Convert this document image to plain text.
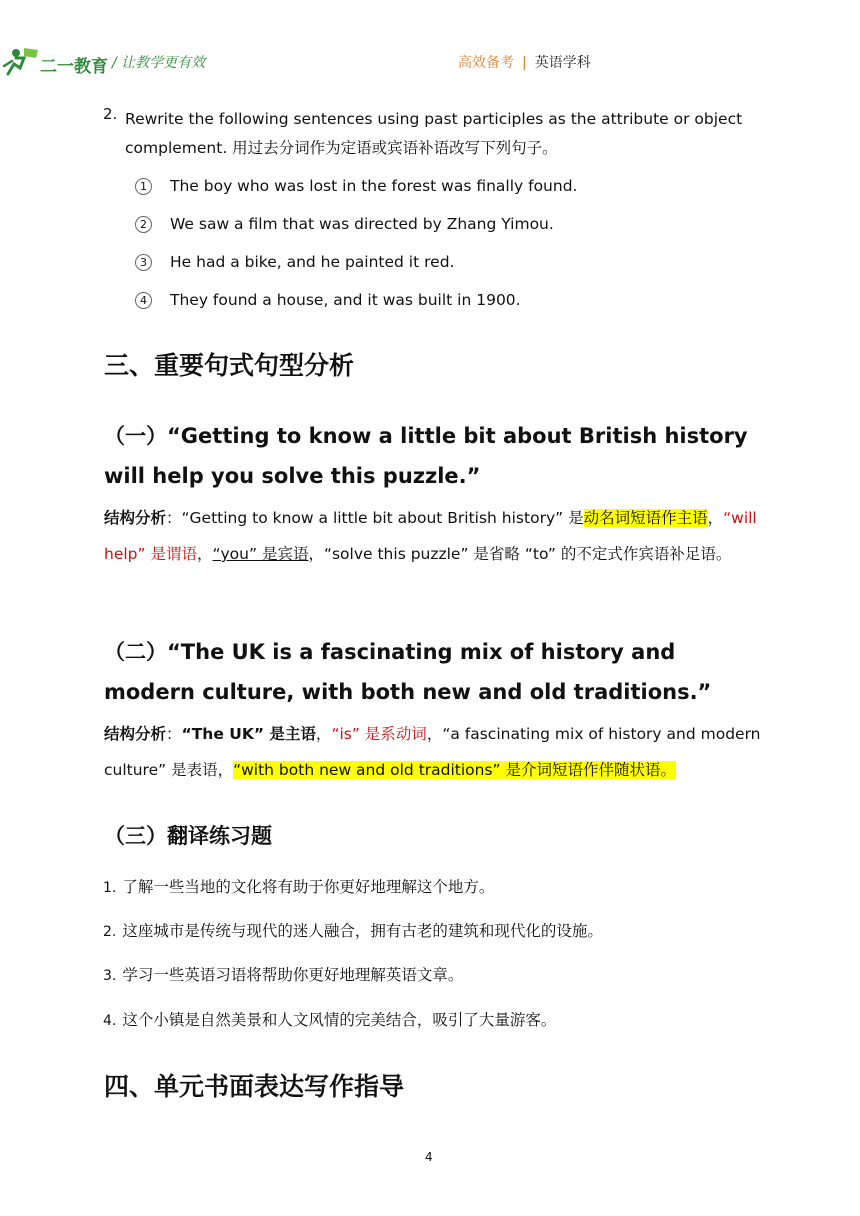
二一教育 / 让教学更有效	高效备考 | 英语学科
2. Rewrite the following sentences using past participles as the attribute or object complement. 用过去分词作为定语或宾语补语改写下列句子。
1	The boy who was lost in the forest was finally found.
2	We saw a film that was directed by Zhang Yimou.
3	He had a bike, and he painted it red.
4	They found a house, and it was built in 1900.
三、重要句式句型分析
（一）“Getting to know a little bit about British history will help you solve this puzzle.”
结构分析：“Getting to know a little bit about British history” 是动名词短语作主语，“will help” 是谓语，“you” 是宾语，“solve this puzzle” 是省略 “to” 的不定式作宾语补足语。
（二）“The UK is a fascinating mix of history and modern culture, with both new and old traditions.”
结构分析：“The UK” 是主语，“is” 是系动词，“a fascinating mix of history and modern culture” 是表语，“with both new and old traditions” 是介词短语作伴随状语。
（三）翻译练习题
1. 了解一些当地的文化将有助于你更好地理解这个地方。
2. 这座城市是传统与现代的迷人融合，拥有古老的建筑和现代化的设施。
3. 学习一些英语习语将帮助你更好地理解英语文章。
4. 这个小镇是自然美景和人文风情的完美结合，吸引了大量游客。
四、单元书面表达写作指导
4
